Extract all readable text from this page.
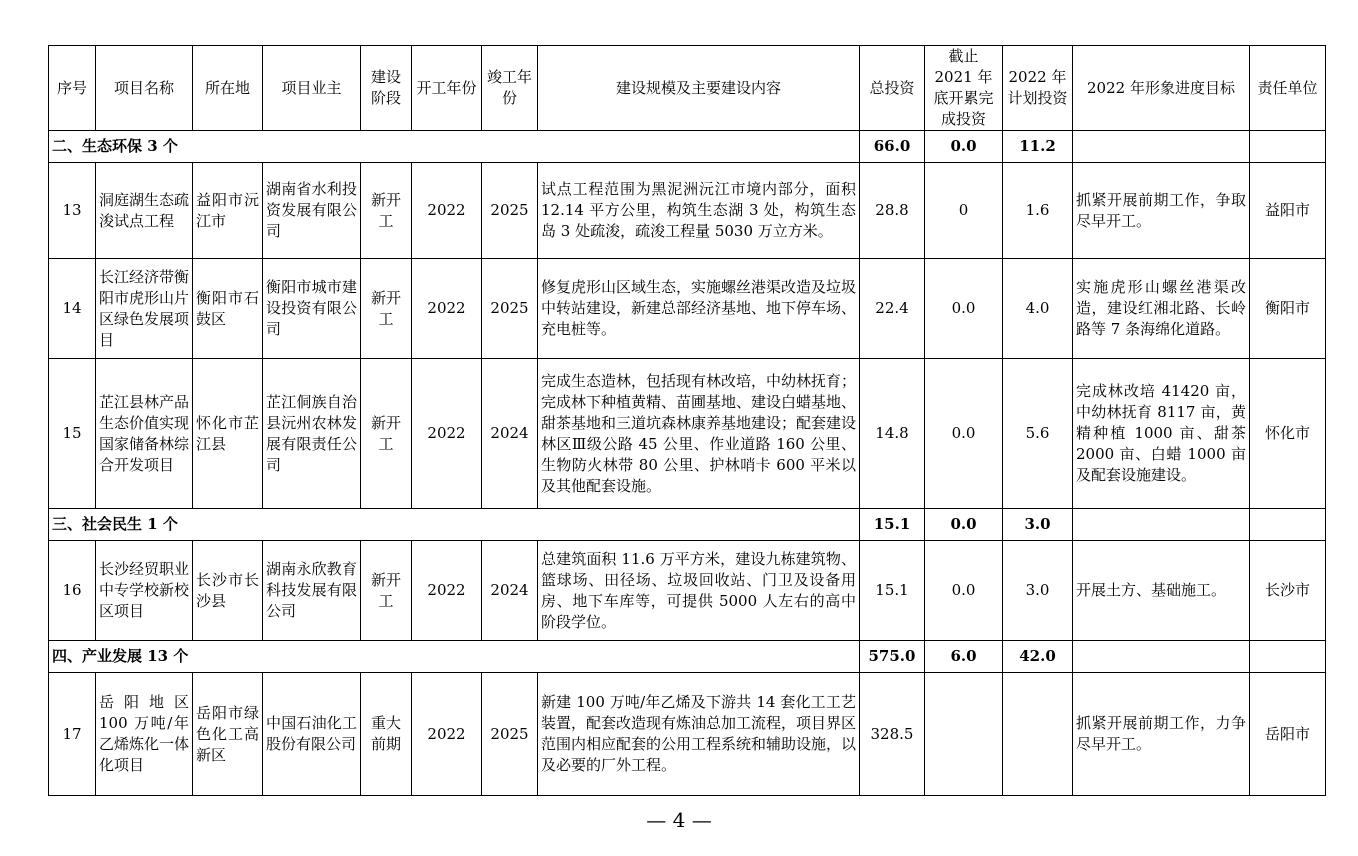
序号	项目名称	所在地	项目业主	建设阶段	开工年份	竣工年份	建设规模及主要建设内容	总投资	截止 2021 年底开累完成投资	2022 年计划投资	2022 年形象进度目标	责任单位
二、生态环保 3 个								66.0	0.0	11.2		
13	洞庭湖生态疏浚试点工程	益阳市沅江市	湖南省水利投资发展有限公司	新开工	2022	2025	试点工程范围为黑泥洲沅江市境内部分，面积 12.14 平方公里，构筑生态湖 3 处，构筑生态岛 3 处疏浚，疏浚工程量 5030 万立方米。	28.8	0	1.6	抓紧开展前期工作，争取尽早开工。	益阳市
14	长江经济带衡阳市虎形山片区绿色发展项目	衡阳市石鼓区	衡阳市城市建设投资有限公司	新开工	2022	2025	修复虎形山区域生态，实施螺丝港渠改造及垃圾中转站建设，新建总部经济基地、地下停车场、充电桩等。	22.4	0.0	4.0	实施虎形山螺丝港渠改造，建设红湘北路、长岭路等 7 条海绵化道路。	衡阳市
15	芷江县林产品生态价值实现国家储备林综合开发项目	怀化市芷江县	芷江侗族自治县沅州农林发展有限责任公司	新开工	2022	2024	完成生态造林，包括现有林改培，中幼林抚育；完成林下种植黄精、苗圃基地、建设白蜡基地、甜茶基地和三道坑森林康养基地建设；配套建设林区Ⅲ级公路 45 公里、作业道路 160 公里、生物防火林带 80 公里、护林哨卡 600 平米以及其他配套设施。	14.8	0.0	5.6	完成林改培 41420 亩，中幼林抚育 8117 亩，黄精种植 1000 亩、甜茶 2000 亩、白蜡 1000 亩及配套设施建设。	怀化市
三、社会民生 1 个								15.1	0.0	3.0		
16	长沙经贸职业中专学校新校区项目	长沙市长沙县	湖南永欣教育科技发展有限公司	新开工	2022	2024	总建筑面积 11.6 万平方米，建设九栋建筑物、篮球场、田径场、垃圾回收站、门卫及设备用房、地下车库等，可提供 5000 人左右的高中阶段学位。	15.1	0.0	3.0	开展土方、基础施工。	长沙市
四、产业发展 13 个								575.0	6.0	42.0		
17	岳阳地区 100 万吨/年乙烯炼化一体化项目	岳阳市绿色化工高新区	中国石油化工股份有限公司	重大前期	2022	2025	新建 100 万吨/年乙烯及下游共 14 套化工工艺装置，配套改造现有炼油总加工流程，项目界区范围内相应配套的公用工程系统和辅助设施，以及必要的厂外工程。	328.5			抓紧开展前期工作，力争尽早开工。	岳阳市
— 4 —
